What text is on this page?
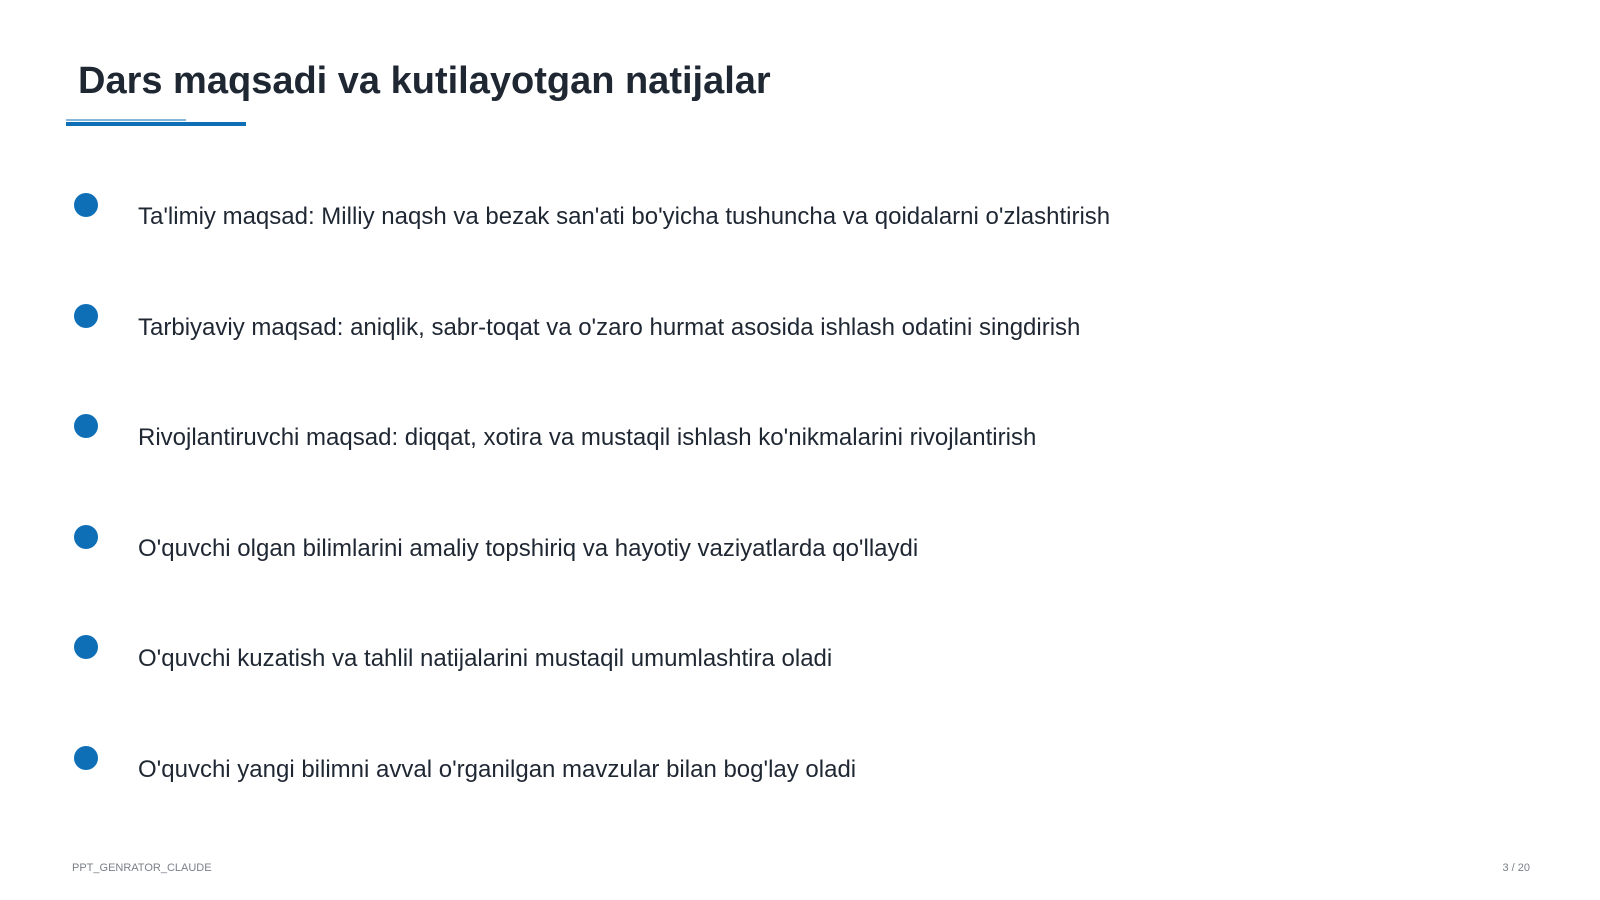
Dars maqsadi va kutilayotgan natijalar
Ta'limiy maqsad: Milliy naqsh va bezak san'ati bo'yicha tushuncha va qoidalarni o'zlashtirish
Tarbiyaviy maqsad: aniqlik, sabr-toqat va o'zaro hurmat asosida ishlash odatini singdirish
Rivojlantiruvchi maqsad: diqqat, xotira va mustaqil ishlash ko'nikmalarini rivojlantirish
O'quvchi olgan bilimlarini amaliy topshiriq va hayotiy vaziyatlarda qo'llaydi
O'quvchi kuzatish va tahlil natijalarini mustaqil umumlashtira oladi
O'quvchi yangi bilimni avval o'rganilgan mavzular bilan bog'lay oladi
PPT_GENRATOR_CLAUDE	3 / 20
